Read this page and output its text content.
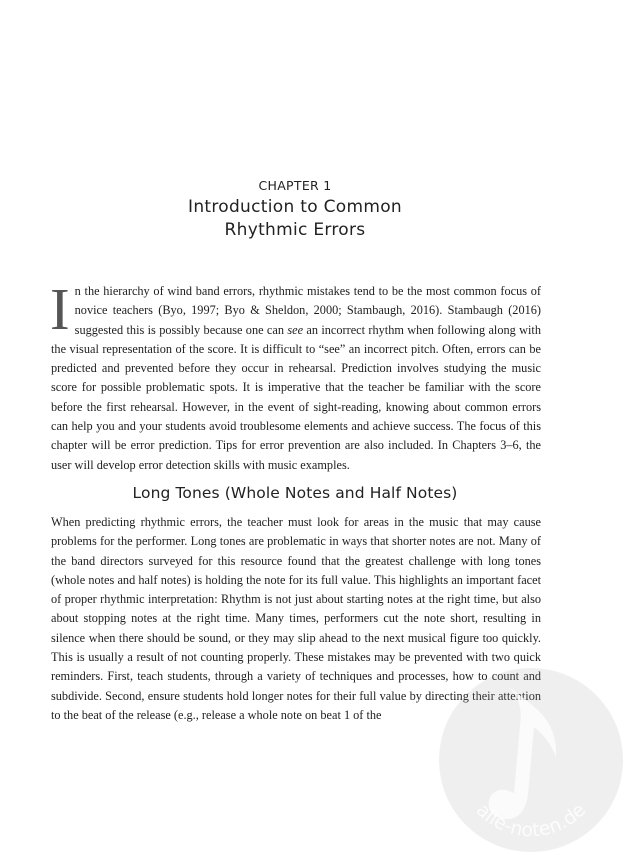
CHAPTER 1
Introduction to Common
Rhythmic Errors

In the hierarchy of wind band errors, rhythmic mistakes tend to be the most common focus of novice teachers (Byo, 1997; Byo & Sheldon, 2000; Stambaugh, 2016). Stambaugh (2016) suggested this is possibly because one can see an incorrect rhythm when following along with the visual representation of the score. It is difficult to “see” an incorrect pitch. Often, errors can be predicted and prevented before they occur in rehearsal. Prediction involves studying the music score for possible problematic spots. It is imperative that the teacher be familiar with the score before the first rehearsal. However, in the event of sight-reading, knowing about common errors can help you and your students avoid troublesome elements and achieve success. The focus of this chapter will be error prediction. Tips for error prevention are also included. In Chapters 3–6, the user will develop error detection skills with music examples.

Long Tones (Whole Notes and Half Notes)

When predicting rhythmic errors, the teacher must look for areas in the music that may cause problems for the performer. Long tones are problematic in ways that shorter notes are not. Many of the band directors surveyed for this resource found that the greatest challenge with long tones (whole notes and half notes) is holding the note for its full value. This highlights an important facet of proper rhythmic interpretation: Rhythm is not just about starting notes at the right time, but also about stopping notes at the right time. Many times, performers cut the note short, resulting in silence when there should be sound, or they may slip ahead to the next musical figure too quickly. This is usually a result of not counting properly. These mistakes may be prevented with two quick reminders. First, teach students, through a variety of techniques and processes, how to count and subdivide. Second, ensure students hold longer notes for their full value by directing their attention to the beat of the release (e.g., release a whole note on beat 1 of the

alle-noten.de
